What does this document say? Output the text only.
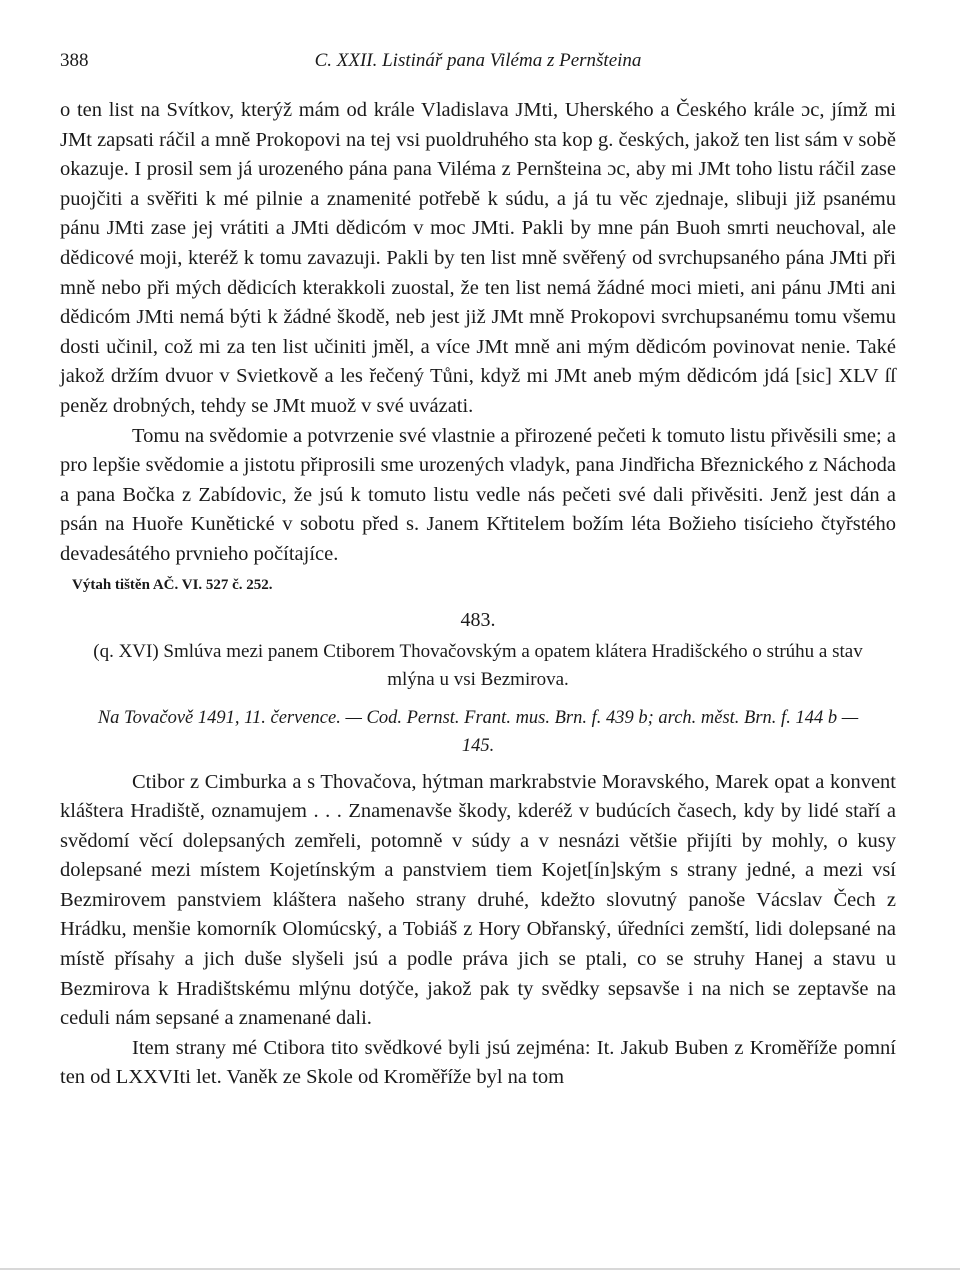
388	C. XXII. Listinář pana Viléma z Pernšteina

o ten list na Svítkov, kterýž mám od krále Vladislava JMti, Uherského a Českého krále ɔc, jímž mi JMt zapsati ráčil a mně Prokopovi na tej vsi puoldruhého sta kop g. českých, jakož ten list sám v sobě okazuje. I prosil sem já urozeného pána pana Viléma z Pernšteina ɔc, aby mi JMt toho listu ráčil zase puojčiti a svěřiti k mé pilnie a znamenité potřebě k súdu, a já tu věc zjednaje, slibuji již psanému pánu JMti zase jej vrátiti a JMti dědicóm v moc JMti. Pakli by mne pán Buoh smrti neuchoval, ale dědicové moji, kteréž k tomu zavazuji. Pakli by ten list mně svěřený od svrchupsaného pána JMti při mně nebo při mých dědicích kterakkoli zuostal, že ten list nemá žádné moci mieti, ani pánu JMti ani dědicóm JMti nemá býti k žádné škodě, neb jest již JMt mně Prokopovi svrchupsanému tomu všemu dosti učinil, což mi za ten list učiniti jměl, a více JMt mně ani mým dědicóm povinovat nenie. Také jakož držím dvuor v Svietkově a les řečený Tůni, když mi JMt aneb mým dědicóm jdá [sic] XLV ſſ peněz drobných, tehdy se JMt muož v své uvázati.

Tomu na svědomie a potvrzenie své vlastnie a přirozené pečeti k tomuto listu přivěsili sme; a pro lepšie svědomie a jistotu připrosili sme urozených vladyk, pana Jindřicha Březnického z Náchoda a pana Bočka z Zabídovic, že jsú k tomuto listu vedle nás pečeti své dali přivěsiti. Jenž jest dán a psán na Huoře Kunětické v sobotu před s. Janem Křtitelem božím léta Božieho tisícieho čtyřstého devadesátého prvnieho počítajíce.

Výtah tištěn AČ. VI. 527 č. 252.

483.
(q. XVI) Smlúva mezi panem Ctiborem Thovačovským a opatem klátera Hradišckého o strúhu a stav mlýna u vsi Bezmirova.
Na Tovačově 1491, 11. července. — Cod. Pernst. Frant. mus. Brn. f. 439 b; arch. měst. Brn. f. 144 b — 145.

Ctibor z Cimburka a s Thovačova, hýtman markrabstvie Moravského, Marek opat a konvent kláštera Hradiště, oznamujem . . . Znamenavše škody, kderéž v budúcích časech, kdy by lidé staří a svědomí věcí dolepsaných zemřeli, potomně v súdy a v nesnázi většie přijíti by mohly, o kusy dolepsané mezi místem Kojetínským a panstviem tiem Kojet[ín]ským s strany jedné, a mezi vsí Bezmirovem panstviem kláštera našeho strany druhé, kdežto slovutný panoše Vácslav Čech z Hrádku, menšie komorník Olomúcský, a Tobiáš z Hory Obřanský, úředníci zemští, lidi dolepsané na místě přísahy a jich duše slyšeli jsú a podle práva jich se ptali, co se struhy Hanej a stavu u Bezmirova k Hradištskému mlýnu dotýče, jakož pak ty svědky sepsavše i na nich se zeptavše na ceduli nám sepsané a znamenané dali.

Item strany mé Ctibora tito svědkové byli jsú zejména: It. Jakub Buben z Kroměříže pomní ten od LXXVIti let. Vaněk ze Skole od Kroměříže byl na tom
